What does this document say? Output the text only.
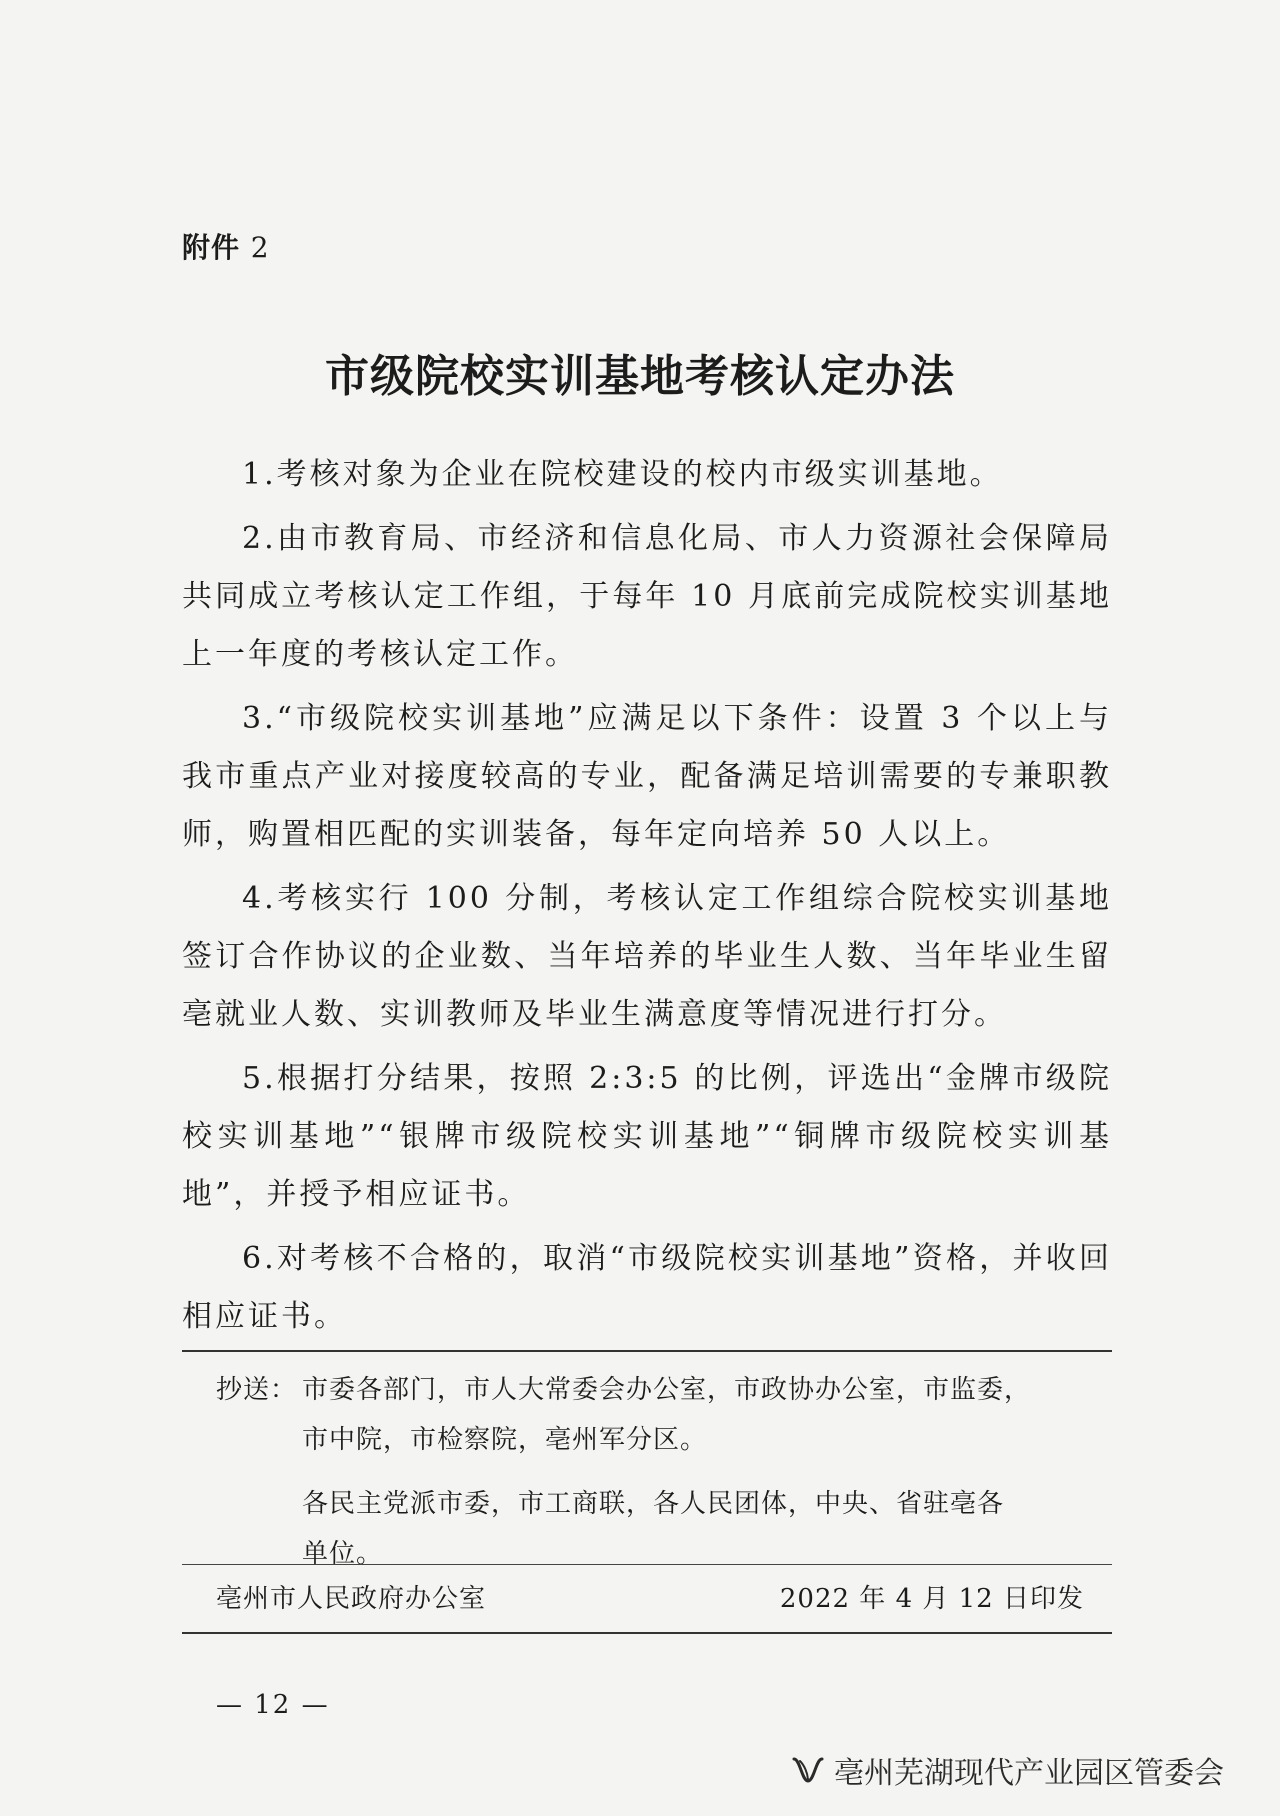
附件 2
市级院校实训基地考核认定办法

1.考核对象为企业在院校建设的校内市级实训基地。

2.由市教育局、市经济和信息化局、市人力资源社会保障局共同成立考核认定工作组，于每年 10 月底前完成院校实训基地上一年度的考核认定工作。

3.“市级院校实训基地”应满足以下条件：设置 3 个以上与我市重点产业对接度较高的专业，配备满足培训需要的专兼职教师，购置相匹配的实训装备，每年定向培养 50 人以上。

4.考核实行 100 分制，考核认定工作组综合院校实训基地签订合作协议的企业数、当年培养的毕业生人数、当年毕业生留亳就业人数、实训教师及毕业生满意度等情况进行打分。

5.根据打分结果，按照 2:3:5 的比例，评选出“金牌市级院校实训基地”“银牌市级院校实训基地”“铜牌市级院校实训基地”，并授予相应证书。

6.对考核不合格的，取消“市级院校实训基地”资格，并收回相应证书。

抄送： 市委各部门，市人大常委会办公室，市政协办公室，市监委，

市中院，市检察院，亳州军分区。

各民主党派市委，市工商联，各人民团体，中央、省驻亳各

单位。

亳州市人民政府办公室	2022 年 4 月 12 日印发
— 12 —
亳州芜湖现代产业园区管委会
